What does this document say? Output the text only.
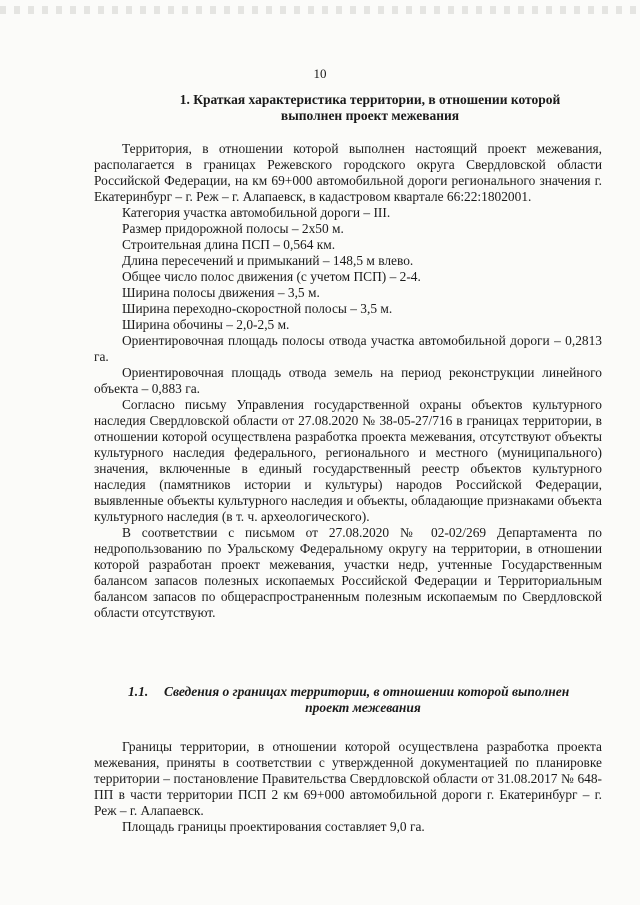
10
1. Краткая характеристика территории, в отношении которой
выполнен проект межевания

Территория, в отношении которой выполнен настоящий проект межевания, располагается в границах Режевского городского округа Свердловской области Российской Федерации, на км 69+000 автомобильной дороги регионального значения г. Екатеринбург – г. Реж – г. Алапаевск, в кадастровом квартале 66:22:1802001.

Категория участка автомобильной дороги – III.

Размер придорожной полосы – 2х50 м.

Строительная длина ПСП – 0,564 км.

Длина пересечений и примыканий – 148,5 м влево.

Общее число полос движения (с учетом ПСП) – 2-4.

Ширина полосы движения – 3,5 м.

Ширина переходно-скоростной полосы – 3,5 м.

Ширина обочины – 2,0-2,5 м.

Ориентировочная площадь полосы отвода участка автомобильной дороги – 0,2813 га.

Ориентировочная площадь отвода земель на период реконструкции линейного объекта – 0,883 га.

Согласно письму Управления государственной охраны объектов культурного наследия Свердловской области от 27.08.2020 № 38-05-27/716 в границах территории, в отношении которой осуществлена разработка проекта межевания, отсутствуют объекты культурного наследия федерального, регионального и местного (муниципального) значения, включенные в единый государственный реестр объектов культурного наследия (памятников истории и культуры) народов Российской Федерации, выявленные объекты культурного наследия и объекты, обладающие признаками объекта культурного наследия (в т. ч. археологического).

В соответствии с письмом от 27.08.2020 № 02-02/269 Департамента по недропользованию по Уральскому Федеральному округу на территории, в отношении которой разработан проект межевания, участки недр, учтенные Государственным балансом запасов полезных ископаемых Российской Федерации и Территориальным балансом запасов по общераспространенным полезным ископаемым по Свердловской области отсутствуют.

1.1. Сведения о границах территории, в отношении которой выполнен
проект межевания

Границы территории, в отношении которой осуществлена разработка проекта межевания, приняты в соответствии с утвержденной документацией по планировке территории – постановление Правительства Свердловской области от 31.08.2017 № 648-ПП в части территории ПСП 2 км 69+000 автомобильной дороги г. Екатеринбург – г. Реж – г. Алапаевск.

Площадь границы проектирования составляет 9,0 га.
